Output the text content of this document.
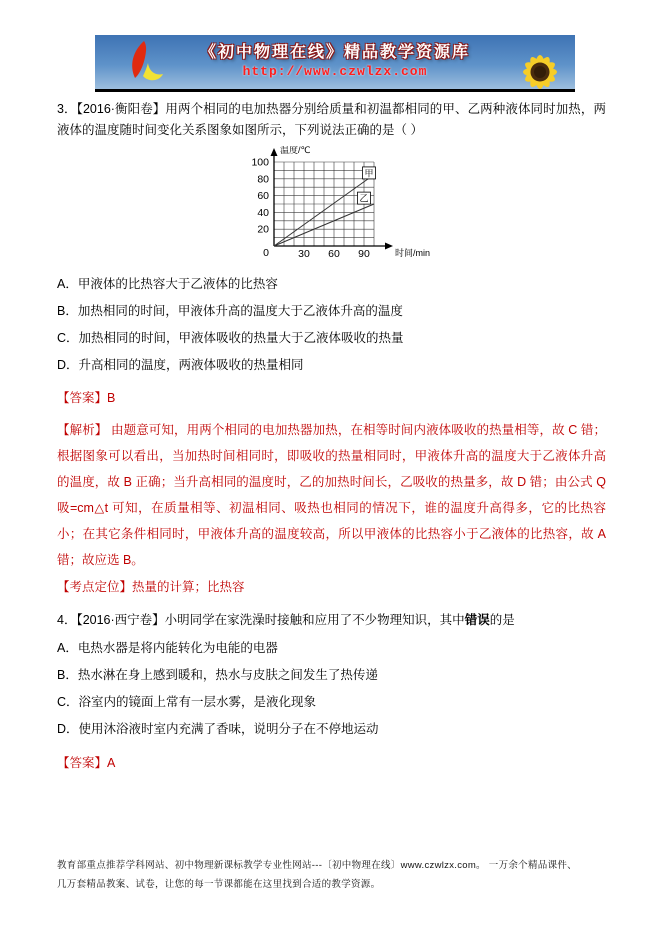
《初中物理在线》精品教学资源库
http://www.czwlzx.com
3．【2016·衡阳卷】用两个相同的电加热器分别给质量和初温都相同的甲、乙两种液体同时加热，两液体的温度随时间变化关系图象如图所示，下列说法正确的是（ ）
20
40
60
80
100
30 60 90
0
温度/℃
时间/min
甲
乙
A．甲液体的比热容大于乙液体的比热容
B．加热相同的时间，甲液体升高的温度大于乙液体升高的温度
C．加热相同的时间，甲液体吸收的热量大于乙液体吸收的热量
D．升高相同的温度，两液体吸收的热量相同
【答案】B
【解析】 由题意可知，用两个相同的电加热器加热，在相等时间内液体吸收的热量相等，故 C 错；根据图象可以看出，当加热时间相同时，即吸收的热量相同时，甲液体升高的温度大于乙液体升高的温度，故 B 正确；当升高相同的温度时，乙的加热时间长，乙吸收的热量多，故 D 错；由公式 Q吸=cm△t 可知，在质量相等、初温相同、吸热也相同的情况下，谁的温度升高得多，它的比热容小；在其它条件相同时，甲液体升高的温度较高，所以甲液体的比热容小于乙液体的比热容，故 A 错；故应选 B。
【考点定位】热量的计算；比热容
4．【2016·西宁卷】小明同学在家洗澡时接触和应用了不少物理知识，其中错误的是
A．电热水器是将内能转化为电能的电器
B．热水淋在身上感到暖和，热水与皮肤之间发生了热传递
C．浴室内的镜面上常有一层水雾，是液化现象
D．使用沐浴液时室内充满了香味，说明分子在不停地运动
【答案】A
教育部重点推荐学科网站、初中物理新课标教学专业性网站---〔初中物理在线〕www.czwlzx.com。 一万余个精品课件、
几万套精品教案、试卷，让您的每一节课都能在这里找到合适的教学资源。
